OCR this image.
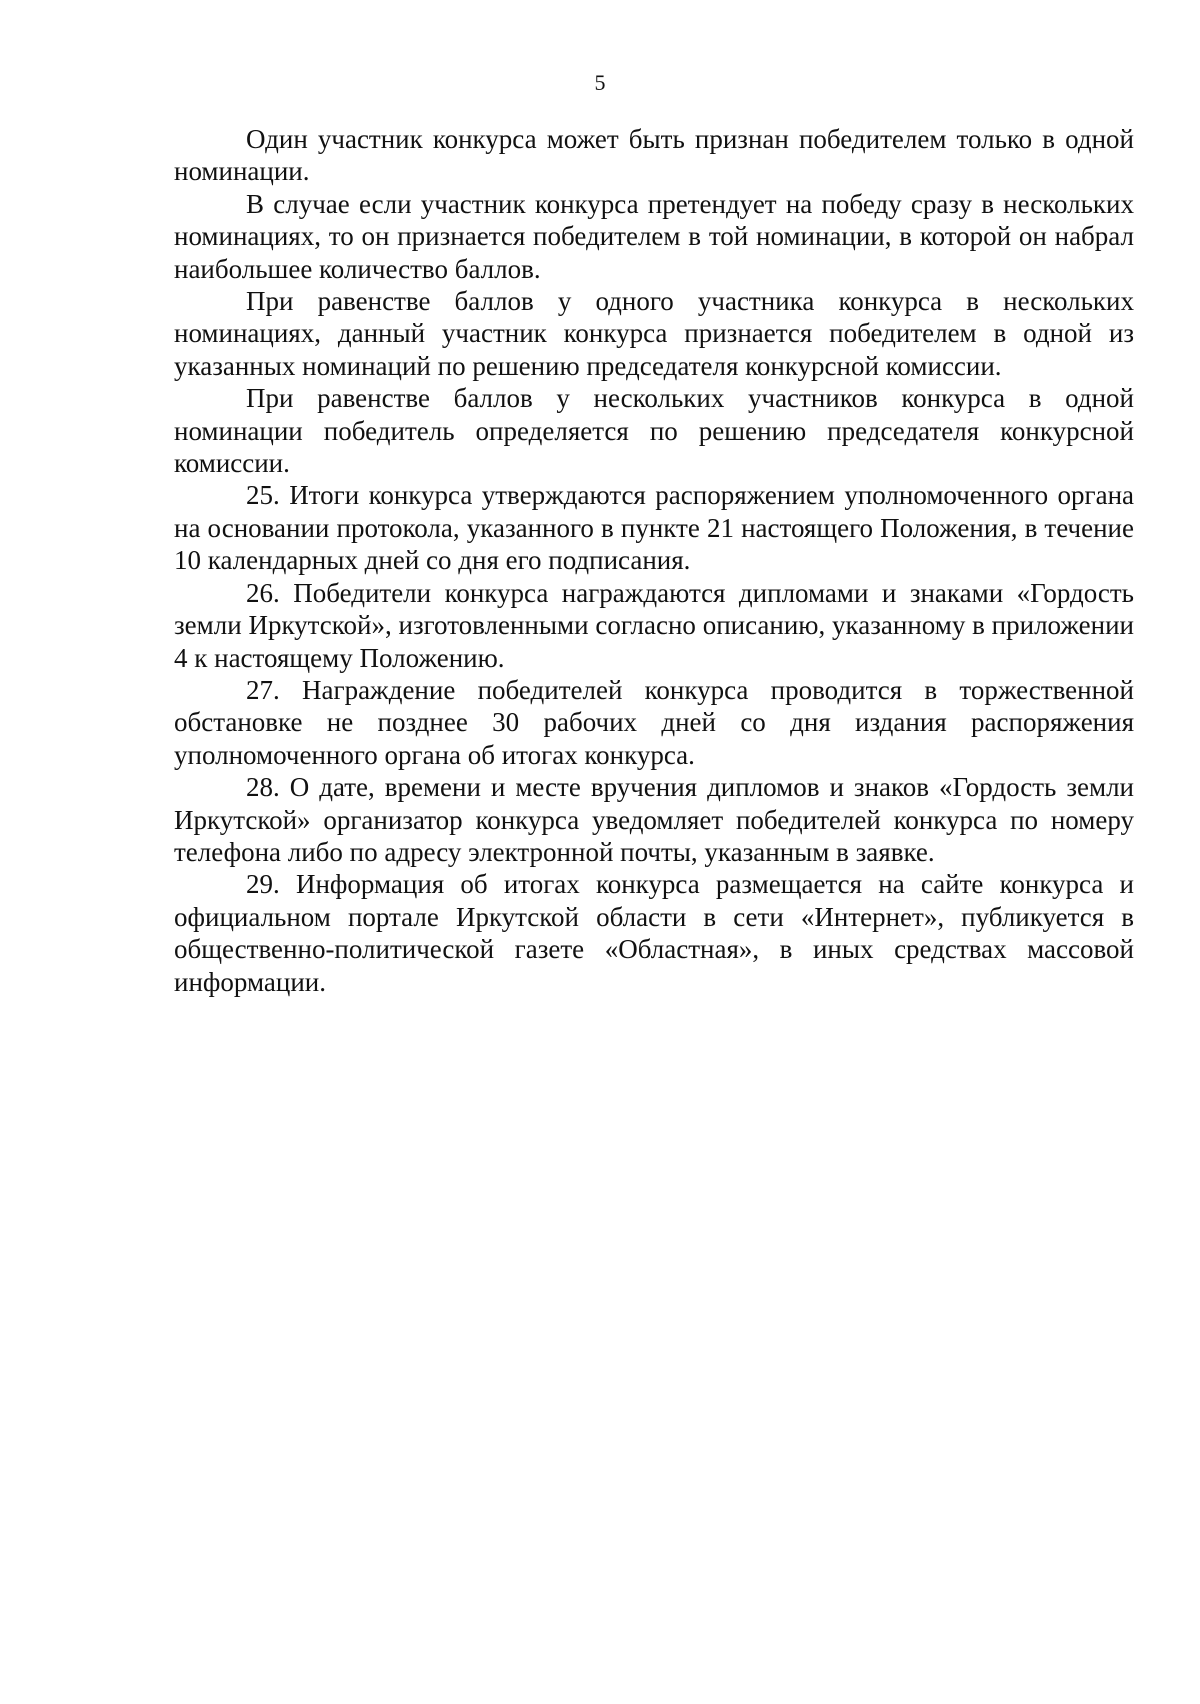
5

Один участник конкурса может быть признан победителем только в одной номинации.

В случае если участник конкурса претендует на победу сразу в нескольких номинациях, то он признается победителем в той номинации, в которой он набрал наибольшее количество баллов.

При равенстве баллов у одного участника конкурса в нескольких номинациях, данный участник конкурса признается победителем в одной из указанных номинаций по решению председателя конкурсной комиссии.

При равенстве баллов у нескольких участников конкурса в одной номинации победитель определяется по решению председателя конкурсной комиссии.

25. Итоги конкурса утверждаются распоряжением уполномоченного органа на основании протокола, указанного в пункте 21 настоящего Положения, в течение 10 календарных дней со дня его подписания.

26. Победители конкурса награждаются дипломами и знаками «Гордость земли Иркутской», изготовленными согласно описанию, указанному в приложении 4 к настоящему Положению.

27. Награждение победителей конкурса проводится в торжественной обстановке не позднее 30 рабочих дней со дня издания распоряжения уполномоченного органа об итогах конкурса.

28. О дате, времени и месте вручения дипломов и знаков «Гордость земли Иркутской» организатор конкурса уведомляет победителей конкурса по номеру телефона либо по адресу электронной почты, указанным в заявке.

29. Информация об итогах конкурса размещается на сайте конкурса и официальном портале Иркутской области в сети «Интернет», публикуется в общественно-политической газете «Областная», в иных средствах массовой информации.
